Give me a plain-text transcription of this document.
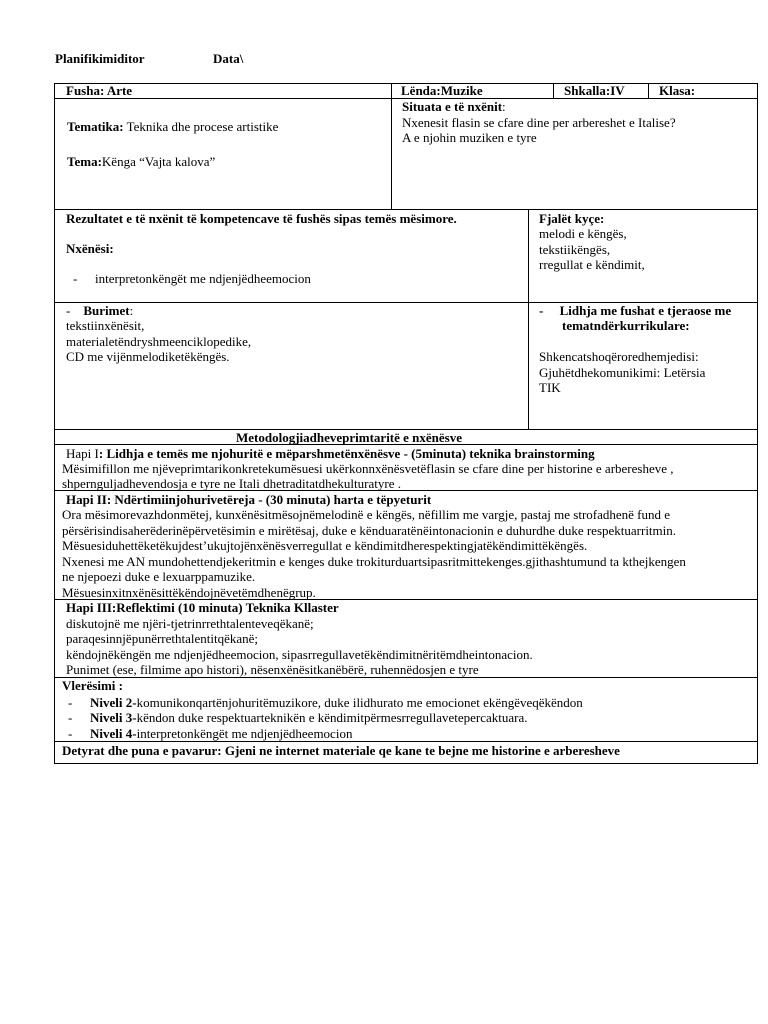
Planifikimiditor	Data\
Fusha: Arte	Lënda:Muzike	Shkalla:IV	Klasa:
Tematika: Teknika dhe procese artistike
Tema:Kënga “Vajta kalova”
Situata e të nxënit:
Nxenesit flasin se cfare dine per arbereshet e Italise?
A e njohin muziken e tyre
Rezultatet e të nxënit të kompetencave të fushës sipas temës mësimore.
Nxënësi:
- interpretonkëngët me ndjenjëdheemocion
Fjalët kyçe:
melodi e këngës,
tekstiikëngës,
rregullat e këndimit,
- Burimet:
tekstiinxënësit,
materialetëndryshmeenciklopedike,
CD me vijënmelodiketëkëngës.
- Lidhja me fushat e tjeraose me
tematndërkurrikulare:
Shkencatshoqëroredhemjedisi:
Gjuhëtdhekomunikimi: Letërsia
TIK
Metodologjiadheveprimtaritë e nxënësve
Hapi I: Lidhja e temës me njohuritë e mëparshmetënxënësve - (5minuta) teknika brainstorming
Mësimifillon me njëveprimtarikonkretekumësuesi ukërkonnxënësvetëflasin se cfare dine per historine e arbereshеve ,
shpernguljadhevendosja e tyre ne Itali dhetraditatdhekulturatyre .
Hapi II: Ndërtimiinjohurivetëreja - (30 minuta) harta e tëpyeturit
Ora mësimorevazhdonmëtej, kunxënësitmësojnëmelodinë e këngës, nëfillim me vargje, pastaj me strofadhenë fund e
përsërisindisaherëderinëpërvetësimin e mirëtësaj, duke e kënduaratënëintonacionin e duhurdhe duke respektuarritmin.
Mësuesiduhettëketëkujdest’ukujtojënxënësverregullat e këndimitdherespektingjatëkëndimittëkëngës.
Nxenesi me AN mundohettendjekeritmin e kenges duke trokiturduartsipasritmittekenges.gjithashtumund ta kthejkengen
ne njepoezi duke e lexuarppamuzike.
Mësuesinxitnxënësittëkëndojnëvetëmdhenëgrup.
Hapi III:Reflektimi (10 minuta) Teknika Kllaster
diskutojnë me njëri-tjetrinrrethtalenteveqëkanë;
paraqesinnjëpunërrethtalentitqëkanë;
këndojnëkëngën me ndjenjëdheemocion, sipasrregullavetëkëndimitnëritëmdheintonacion.
Punimet (ese, filmime apo histori), nësenxënësitkanëbërë, ruhennëdosjen e tyre
Vlerësimi :
- Niveli 2-komunikonqartënjohuritëmuzikore, duke ilidhurato me emocionet ekëngëveqëkëndon
- Niveli 3-këndon duke respektuarteknikën e këndimitpërmesrregullavetepercaktuara.
- Niveli 4-interpretonkëngët me ndjenjëdheemocion
Detyrat dhe puna e pavarur: Gjeni ne internet materiale qe kane te bejne me historine e arberesheve
